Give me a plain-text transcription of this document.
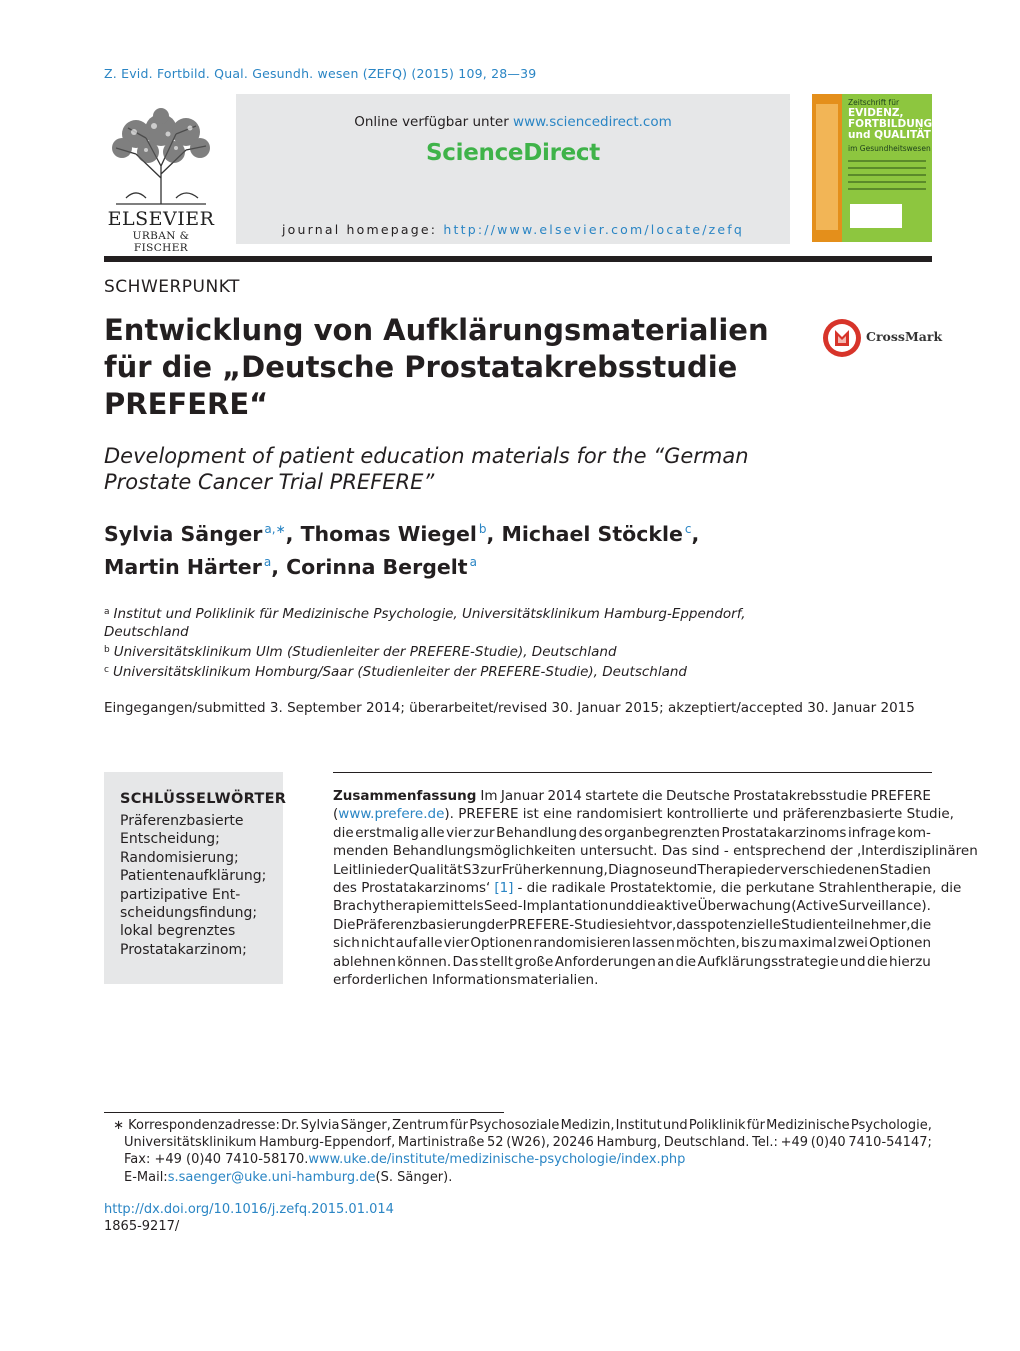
Z. Evid. Fortbild. Qual. Gesundh. wesen (ZEFQ) (2015) 109, 28—39
ELSEVIER
URBAN & FISCHER
Online verfügbar unter www.sciencedirect.com
ScienceDirect
journal homepage: http://www.elsevier.com/locate/zefq
Zeitschrift für
EVIDENZ,
FORTBILDUNG
und QUALITÄT
im Gesundheitswesen
SCHWERPUNKT
Entwicklung von Aufklärungsmaterialien für die „Deutsche Prostatakrebsstudie PREFERE“
CrossMark
Development of patient education materials for the “German Prostate Cancer Trial PREFERE”
Sylvia Sänger $^{a,∗}$, Thomas Wiegel $^b$, Michael Stöckle $^c$,
Martin Härter $^a$, Corinna Bergelt $^a$
$^a$ Institut und Poliklinik für Medizinische Psychologie, Universitätsklinikum Hamburg-Eppendorf,
Deutschland
$^b$ Universitätsklinikum Ulm (Studienleiter der PREFERE-Studie), Deutschland
$^c$ Universitätsklinikum Homburg/Saar (Studienleiter der PREFERE-Studie), Deutschland
Eingegangen/submitted 3. September 2014; überarbeitet/revised 30. Januar 2015; akzeptiert/accepted 30. Januar 2015
SCHLÜSSELWÖRTER
Präferenzbasierte
Entscheidung;
Randomisierung;
Patientenaufklärung;
partizipative Ent-
scheidungsfindung;
lokal begrenztes
Prostatakarzinom;
Zusammenfassung Im Januar 2014 startete die Deutsche Prostatakrebsstudie PREFERE
( www.prefere.de ). PREFERE ist eine randomisiert kontrollierte und präferenzbasierte Studie,
die erstmalig alle vier zur Behandlung des organbegrenzten Prostatakarzinoms infrage kom-
menden Behandlungsmöglichkeiten untersucht. Das sind - entsprechend der ‚Interdisziplinären
Leitlinie der Qualität S3 zur Früherkennung, Diagnose und Therapie der verschiedenen Stadien
des Prostatakarzinoms‘ [1] - die radikale Prostatektomie, die perkutane Strahlentherapie, die
Brachytherapie mittels Seed-Implantation und die aktive Überwachung (Active Surveillance).
Die Präferenzbasierung der PREFERE-Studie sieht vor, dass potenzielle Studienteilnehmer, die
sich nicht auf alle vier Optionen randomisieren lassen möchten, bis zu maximal zwei Optionen
ablehnen können. Das stellt große Anforderungen an die Aufklärungsstrategie und die hierzu
erforderlichen Informationsmaterialien.
∗ Korrespondenzadresse: Dr. Sylvia Sänger, Zentrum für Psychosoziale Medizin, Institut und Poliklinik für Medizinische Psychologie,
Universitätsklinikum Hamburg-Eppendorf, Martinistraße 52 (W26), 20246 Hamburg, Deutschland. Tel.: +49 (0)40 7410-54147;
Fax: +49 (0)40 7410-58170. www.uke.de/institute/medizinische-psychologie/index.php
E-Mail: s.saenger@uke.uni-hamburg.de (S. Sänger).
http://dx.doi.org/10.1016/j.zefq.2015.01.014
1865-9217/
